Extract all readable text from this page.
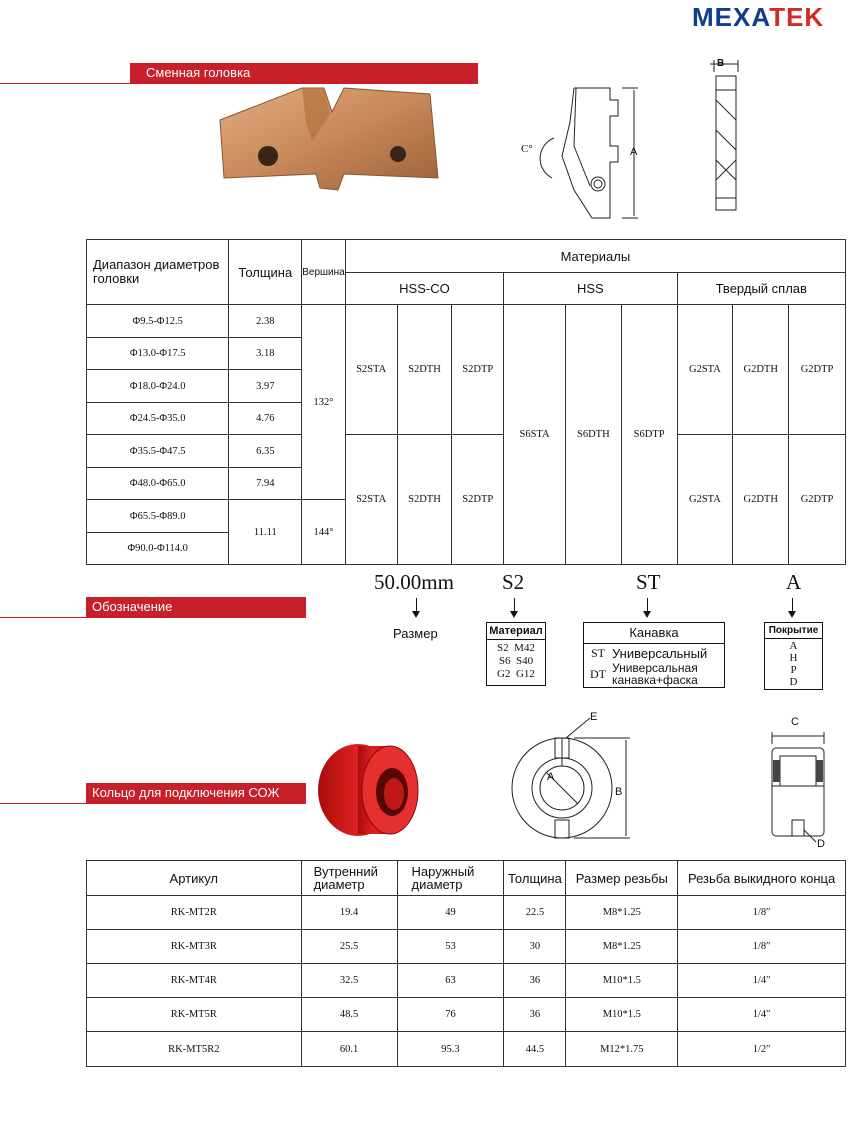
MEXATEK
Сменная головка
C°	A
B
Диапазон диаметров головки	Толщина	Вершина	Материалы								
			HSS-CO			HSS			Твердый сплав		
Φ9.5-Φ12.5	2.38	132°	S2STA	S2DTH	S2DTP	S6STA	S6DTH	S6DTP	G2STA	G2DTH	G2DTP
Φ13.0-Φ17.5	3.18										
Φ18.0-Φ24.0	3.97										
Φ24.5-Φ35.0	4.76										
Φ35.5-Φ47.5	6.35		S2STA	S2DTH	S2DTP				G2STA	G2DTH	G2DTP
Φ48.0-Φ65.0	7.94										
Φ65.5-Φ89.0	11.11	144°									
Φ90.0-Φ114.0											
Обозначение
50.00mm S2	ST	A
Размер	Материал
S2  M42
S6  S40
G2  G12
Канавка
ST Универсальный
DT Универсальная канавка+фаска
Покрытие
A
H
P
D
Кольцо для подключения СОЖ
E
A
B
C
D
Артикул	Вутренний диаметр	Наружный диаметр	Толщина	Размер резьбы	Резьба выкидного конца
RK-MT2R	19.4	49	22.5	M8*1.25	1/8″
RK-MT3R	25.5	53	30	M8*1.25	1/8″
RK-MT4R	32.5	63	36	M10*1.5	1/4″
RK-MT5R	48.5	76	36	M10*1.5	1/4″
RK-MT5R2	60.1	95.3	44.5	M12*1.75	1/2″
